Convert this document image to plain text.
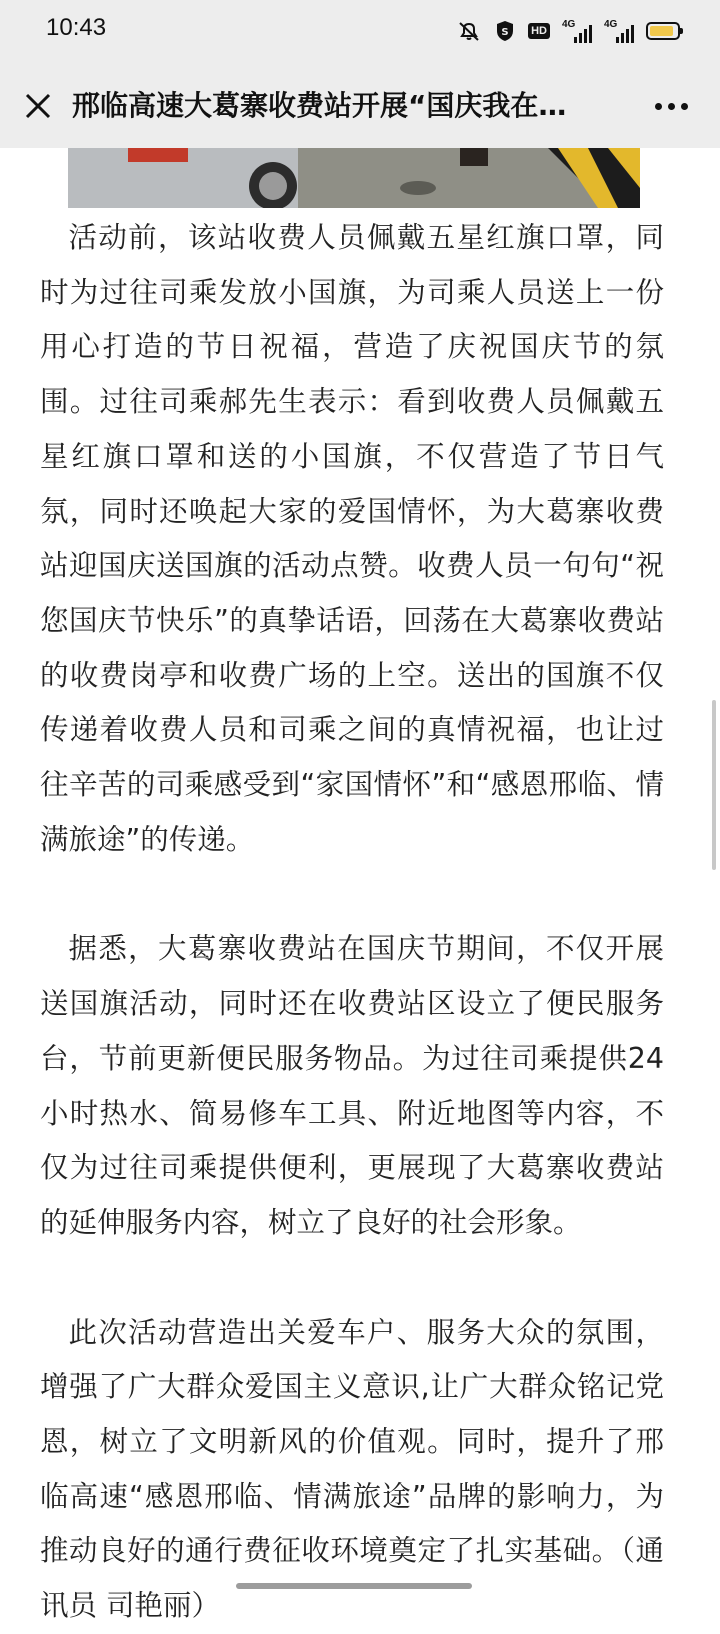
10:43	S HD
4G	4G
邢临高速大葛寨收费站开展“国庆我在…

活动前，该站收费人员佩戴五星红旗口罩，同时为过往司乘发放小国旗，为司乘人员送上一份用心打造的节日祝福，营造了庆祝国庆节的氛围。过往司乘郝先生表示：看到收费人员佩戴五星红旗口罩和送的小国旗，不仅营造了节日气氛，同时还唤起大家的爱国情怀，为大葛寨收费站迎国庆送国旗的活动点赞。收费人员一句句“祝您国庆节快乐”的真挚话语，回荡在大葛寨收费站的收费岗亭和收费广场的上空。送出的国旗不仅传递着收费人员和司乘之间的真情祝福，也让过往辛苦的司乘感受到“家国情怀”和“感恩邢临、情满旅途”的传递。

据悉，大葛寨收费站在国庆节期间，不仅开展送国旗活动，同时还在收费站区设立了便民服务台，节前更新便民服务物品。为过往司乘提供24小时热水、简易修车工具、附近地图等内容，不仅为过往司乘提供便利，更展现了大葛寨收费站的延伸服务内容，树立了良好的社会形象。

此次活动营造出关爱车户、服务大众的氛围，增强了广大群众爱国主义意识,让广大群众铭记党恩，树立了文明新风的价值观。同时，提升了邢临高速“感恩邢临、情满旅途”品牌的影响力，为推动良好的通行费征收环境奠定了扎实基础。（通讯员 司艳丽）
